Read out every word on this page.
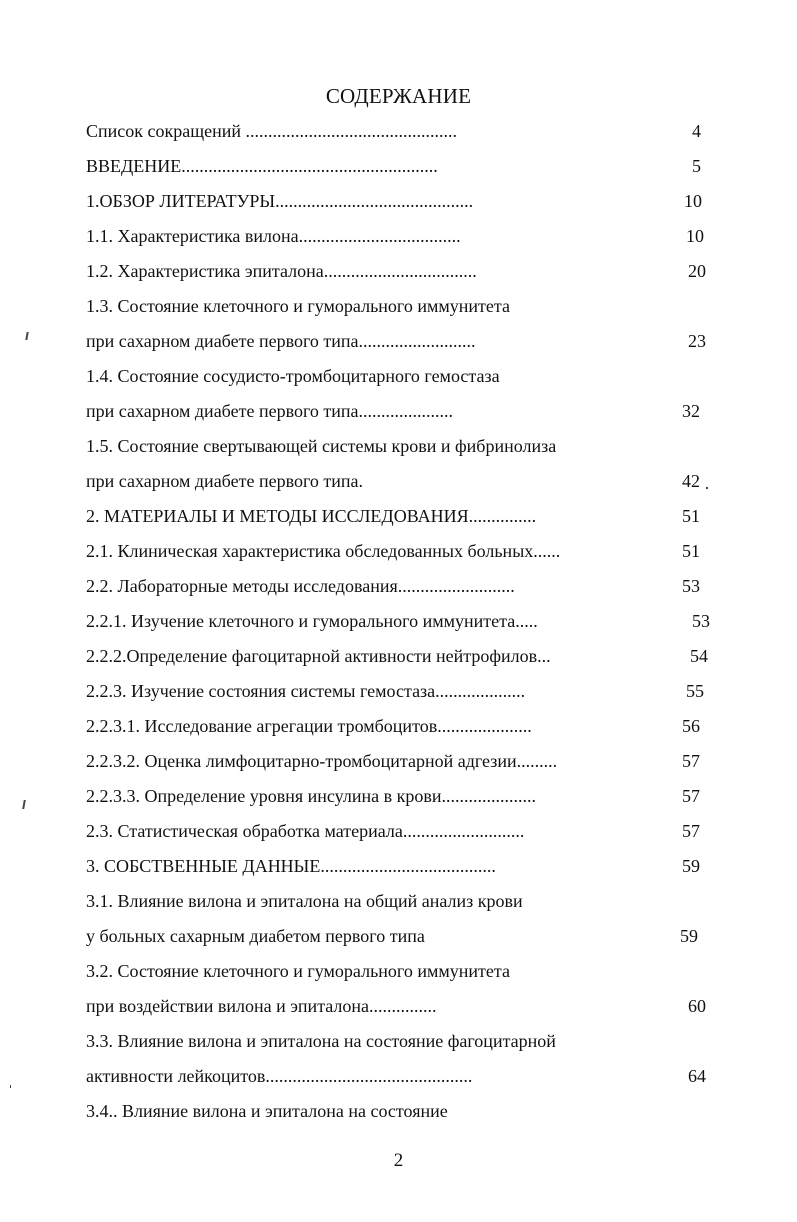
СОДЕРЖАНИЕ
Список сокращений ...............................................	4
ВВЕДЕНИЕ.........................................................	5
1.ОБЗОР ЛИТЕРАТУРЫ............................................	10
1.1. Характеристика вилона....................................	10
1.2. Характеристика эпиталона..................................	20
1.3. Состояние клеточного и гуморального иммунитета
при сахарном диабете первого типа..........................	23
1.4. Состояние сосудисто-тромбоцитарного гемостаза
при сахарном диабете первого типа.....................	32
1.5. Состояние свертывающей системы крови и фибринолиза
при сахарном диабете первого типа.	42
2. МАТЕРИАЛЫ И МЕТОДЫ ИССЛЕДОВАНИЯ...............	51
2.1. Клиническая характеристика обследованных больных......	51
2.2. Лабораторные методы исследования..........................	53
2.2.1. Изучение клеточного и гуморального иммунитета.....	53
2.2.2.Определение фагоцитарной активности нейтрофилов...	54
2.2.3. Изучение состояния системы гемостаза....................	55
2.2.3.1. Исследование агрегации тромбоцитов.....................	56
2.2.3.2. Оценка лимфоцитарно-тромбоцитарной адгезии.........	57
2.2.3.3. Определение уровня инсулина в крови.....................	57
2.3. Статистическая обработка материала...........................	57
3. СОБСТВЕННЫЕ ДАННЫЕ.......................................	59
3.1. Влияние вилона и эпиталона на общий анализ крови
у больных сахарным диабетом первого типа	59
3.2. Состояние клеточного и гуморального иммунитета
при воздействии вилона и эпиталона...............	60
3.3. Влияние вилона и эпиталона на состояние фагоцитарной
активности лейкоцитов..............................................	64
3.4.. Влияние вилона и эпиталона на состояние
2
